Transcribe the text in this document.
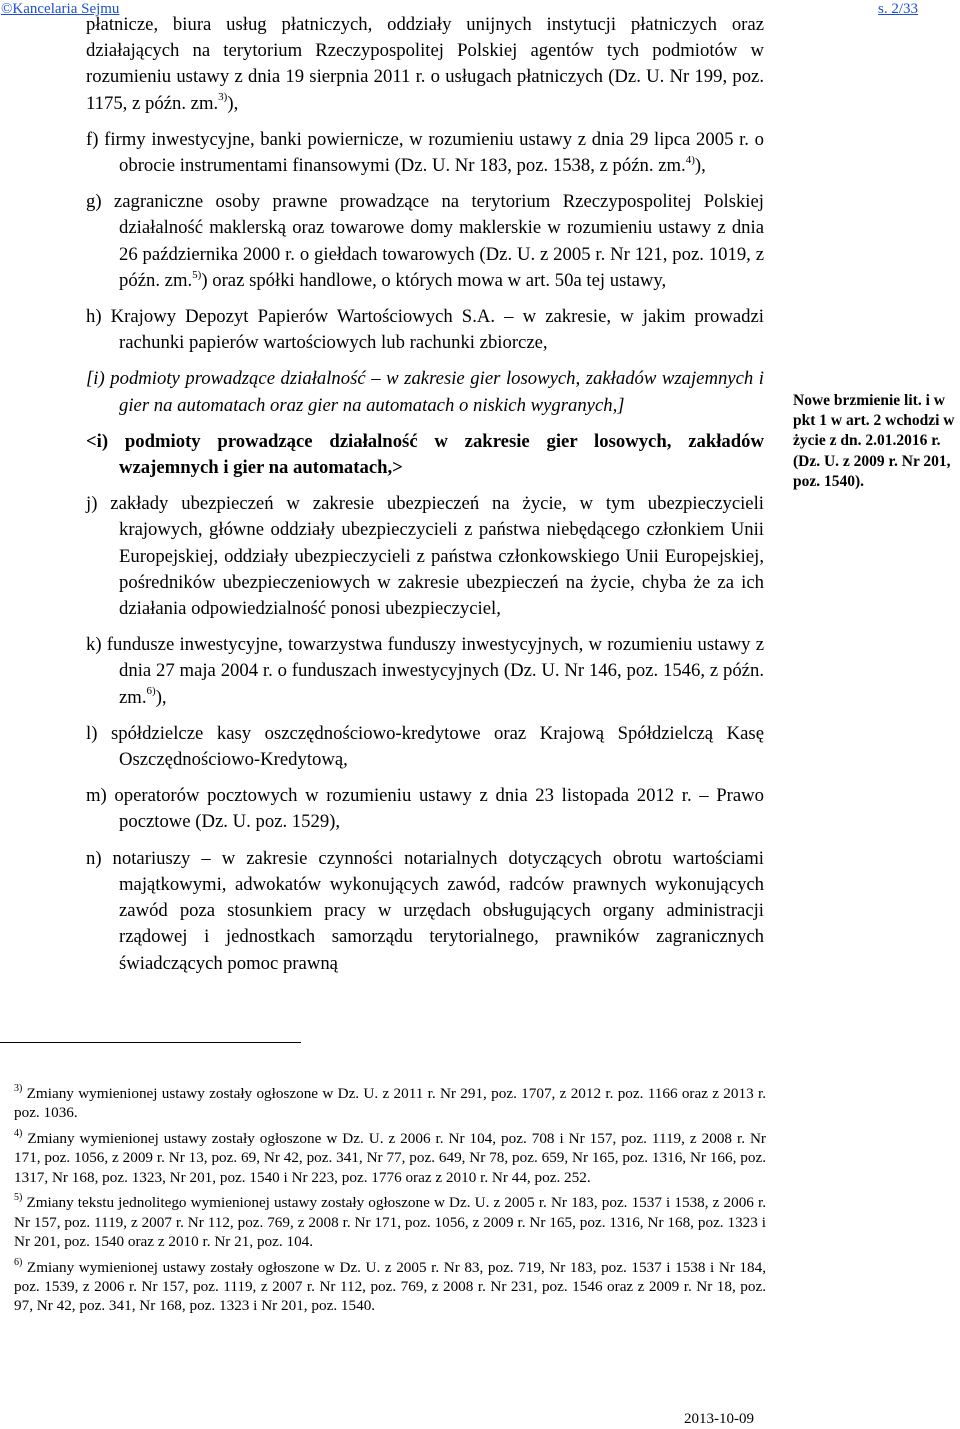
©Kancelaria Sejmu	s. 2/33

płatnicze, biura usług płatniczych, oddziały unijnych instytucji płatniczych oraz działających na terytorium Rzeczypospolitej Polskiej agentów tych podmiotów w rozumieniu ustawy z dnia 19 sierpnia 2011 r. o usługach płatniczych (Dz. U. Nr 199, poz. 1175, z późn. zm.$^{3)}$),

f) firmy inwestycyjne, banki powiernicze, w rozumieniu ustawy z dnia 29 lipca 2005 r. o obrocie instrumentami finansowymi (Dz. U. Nr 183, poz. 1538, z późn. zm.$^{4)}$),

g) zagraniczne osoby prawne prowadzące na terytorium Rzeczypospolitej Polskiej działalność maklerską oraz towarowe domy maklerskie w rozumieniu ustawy z dnia 26 października 2000 r. o giełdach towarowych (Dz. U. z 2005 r. Nr 121, poz. 1019, z późn. zm.$^{5)}$) oraz spółki handlowe, o których mowa w art. 50a tej ustawy,

h) Krajowy Depozyt Papierów Wartościowych S.A. – w zakresie, w jakim prowadzi rachunki papierów wartościowych lub rachunki zbiorcze,

[i) podmioty prowadzące działalność – w zakresie gier losowych, zakładów wzajemnych i gier na automatach oraz gier na automatach o niskich wygranych,]

<i) podmioty prowadzące działalność w zakresie gier losowych, zakładów wzajemnych i gier na automatach,>

j) zakłady ubezpieczeń w zakresie ubezpieczeń na życie, w tym ubezpieczycieli krajowych, główne oddziały ubezpieczycieli z państwa niebędącego członkiem Unii Europejskiej, oddziały ubezpieczycieli z państwa członkowskiego Unii Europejskiej, pośredników ubezpieczeniowych w zakresie ubezpieczeń na życie, chyba że za ich działania odpowiedzialność ponosi ubezpieczyciel,

k) fundusze inwestycyjne, towarzystwa funduszy inwestycyjnych, w rozumieniu ustawy z dnia 27 maja 2004 r. o funduszach inwestycyjnych (Dz. U. Nr 146, poz. 1546, z późn. zm.$^{6)}$),

l) spółdzielcze kasy oszczędnościowo-kredytowe oraz Krajową Spółdzielczą Kasę Oszczędnościowo-Kredytową,

m) operatorów pocztowych w rozumieniu ustawy z dnia 23 listopada 2012 r. – Prawo pocztowe (Dz. U. poz. 1529),

n) notariuszy – w zakresie czynności notarialnych dotyczących obrotu wartościami majątkowymi, adwokatów wykonujących zawód, radców prawnych wykonujących zawód poza stosunkiem pracy w urzędach obsługujących organy administracji rządowej i jednostkach samorządu terytorialnego, prawników zagranicznych świadczących pomoc prawną

Nowe brzmienie lit. i w pkt 1 w art. 2 wchodzi w życie z dn. 2.01.2016 r. (Dz. U. z 2009 r. Nr 201, poz. 1540).

$^{3)}$ Zmiany wymienionej ustawy zostały ogłoszone w Dz. U. z 2011 r. Nr 291, poz. 1707, z 2012 r. poz. 1166 oraz z 2013 r. poz. 1036.

$^{4)}$ Zmiany wymienionej ustawy zostały ogłoszone w Dz. U. z 2006 r. Nr 104, poz. 708 i Nr 157, poz. 1119, z 2008 r. Nr 171, poz. 1056, z 2009 r. Nr 13, poz. 69, Nr 42, poz. 341, Nr 77, poz. 649, Nr 78, poz. 659, Nr 165, poz. 1316, Nr 166, poz. 1317, Nr 168, poz. 1323, Nr 201, poz. 1540 i Nr 223, poz. 1776 oraz z 2010 r. Nr 44, poz. 252.

$^{5)}$ Zmiany tekstu jednolitego wymienionej ustawy zostały ogłoszone w Dz. U. z 2005 r. Nr 183, poz. 1537 i 1538, z 2006 r. Nr 157, poz. 1119, z 2007 r. Nr 112, poz. 769, z 2008 r. Nr 171, poz. 1056, z 2009 r. Nr 165, poz. 1316, Nr 168, poz. 1323 i Nr 201, poz. 1540 oraz z 2010 r. Nr 21, poz. 104.

$^{6)}$ Zmiany wymienionej ustawy zostały ogłoszone w Dz. U. z 2005 r. Nr 83, poz. 719, Nr 183, poz. 1537 i 1538 i Nr 184, poz. 1539, z 2006 r. Nr 157, poz. 1119, z 2007 r. Nr 112, poz. 769, z 2008 r. Nr 231, poz. 1546 oraz z 2009 r. Nr 18, poz. 97, Nr 42, poz. 341, Nr 168, poz. 1323 i Nr 201, poz. 1540.

2013-10-09
